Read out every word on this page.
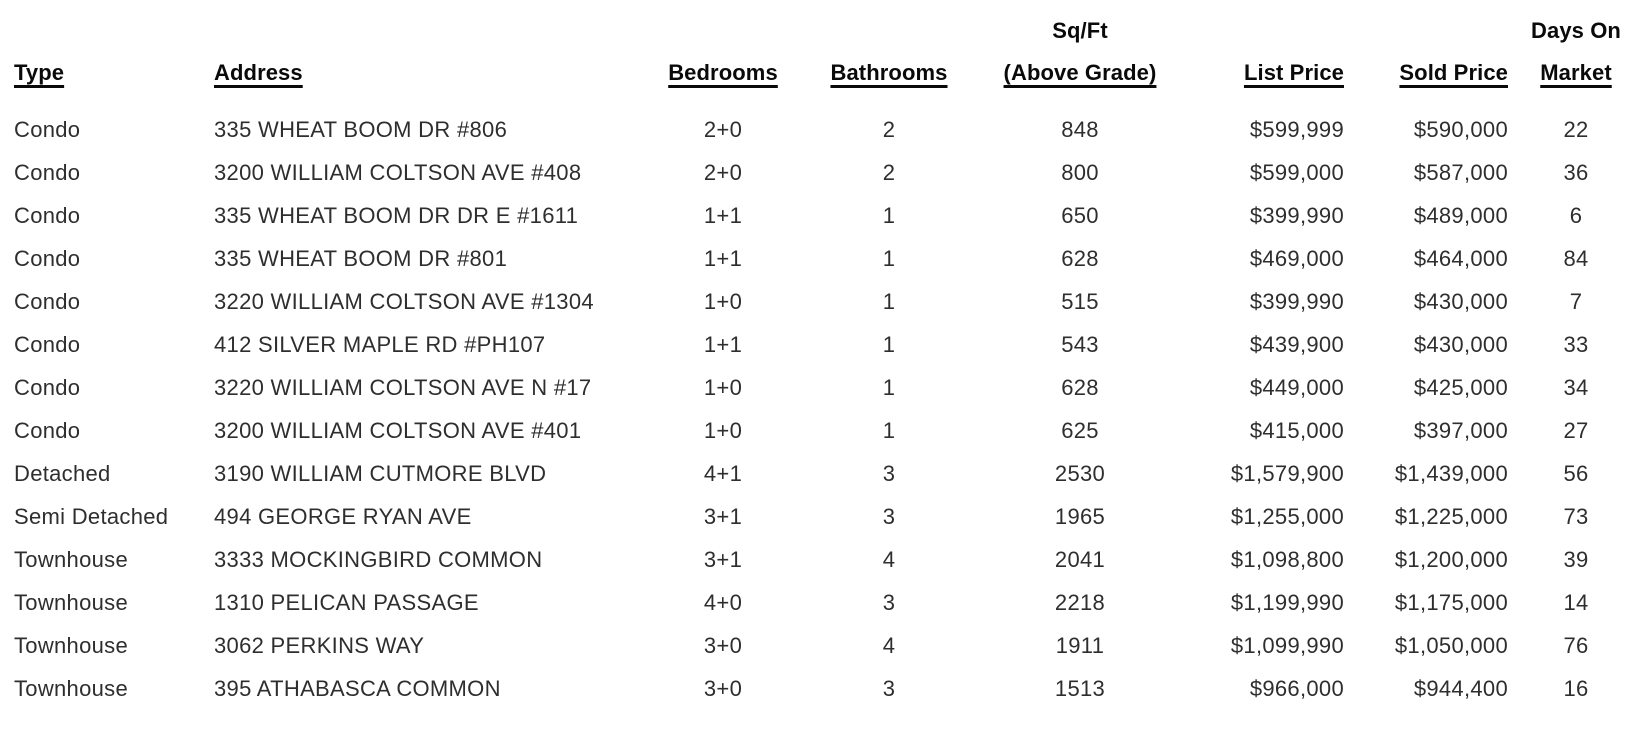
				Sq/Ft			Days On
Type	Address	Bedrooms	Bathrooms	(Above Grade)	List Price	Sold Price	Market

Condo	335 WHEAT BOOM DR #806	2+0	2	848	$599,999	$590,000	22
Condo	3200 WILLIAM COLTSON AVE #408	2+0	2	800	$599,000	$587,000	36
Condo	335 WHEAT BOOM DR DR E #1611	1+1	1	650	$399,990	$489,000	6
Condo	335 WHEAT BOOM DR #801	1+1	1	628	$469,000	$464,000	84
Condo	3220 WILLIAM COLTSON AVE #1304	1+0	1	515	$399,990	$430,000	7
Condo	412 SILVER MAPLE RD #PH107	1+1	1	543	$439,900	$430,000	33
Condo	3220 WILLIAM COLTSON AVE N #17	1+0	1	628	$449,000	$425,000	34
Condo	3200 WILLIAM COLTSON AVE #401	1+0	1	625	$415,000	$397,000	27
Detached	3190 WILLIAM CUTMORE BLVD	4+1	3	2530	$1,579,900	$1,439,000	56
Semi Detached	494 GEORGE RYAN AVE	3+1	3	1965	$1,255,000	$1,225,000	73
Townhouse	3333 MOCKINGBIRD COMMON	3+1	4	2041	$1,098,800	$1,200,000	39
Townhouse	1310 PELICAN PASSAGE	4+0	3	2218	$1,199,990	$1,175,000	14
Townhouse	3062 PERKINS WAY	3+0	4	1911	$1,099,990	$1,050,000	76
Townhouse	395 ATHABASCA COMMON	3+0	3	1513	$966,000	$944,400	16
